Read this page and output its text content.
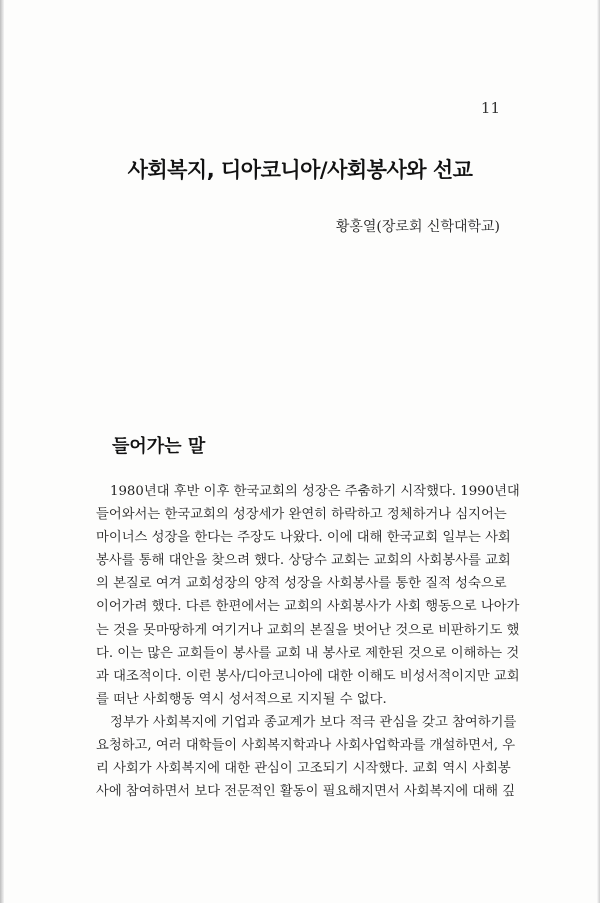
11
사회복지, 디아코니아/사회봉사와 선교
황홍열(장로회 신학대학교)
들어가는 말
1980년대 후반 이후 한국교회의 성장은 주춤하기 시작했다. 1990년대
들어와서는 한국교회의 성장세가 완연히 하락하고 정체하거나 심지어는
마이너스 성장을 한다는 주장도 나왔다. 이에 대해 한국교회 일부는 사회
봉사를 통해 대안을 찾으려 했다. 상당수 교회는 교회의 사회봉사를 교회
의 본질로 여겨 교회성장의 양적 성장을 사회봉사를 통한 질적 성숙으로
이어가려 했다. 다른 한편에서는 교회의 사회봉사가 사회 행동으로 나아가
는 것을 못마땅하게 여기거나 교회의 본질을 벗어난 것으로 비판하기도 했
다. 이는 많은 교회들이 봉사를 교회 내 봉사로 제한된 것으로 이해하는 것
과 대조적이다. 이런 봉사/디아코니아에 대한 이해도 비성서적이지만 교회
를 떠난 사회행동 역시 성서적으로 지지될 수 없다.
정부가 사회복지에 기업과 종교계가 보다 적극 관심을 갖고 참여하기를
요청하고, 여러 대학들이 사회복지학과나 사회사업학과를 개설하면서, 우
리 사회가 사회복지에 대한 관심이 고조되기 시작했다. 교회 역시 사회봉
사에 참여하면서 보다 전문적인 활동이 필요해지면서 사회복지에 대해 깊
